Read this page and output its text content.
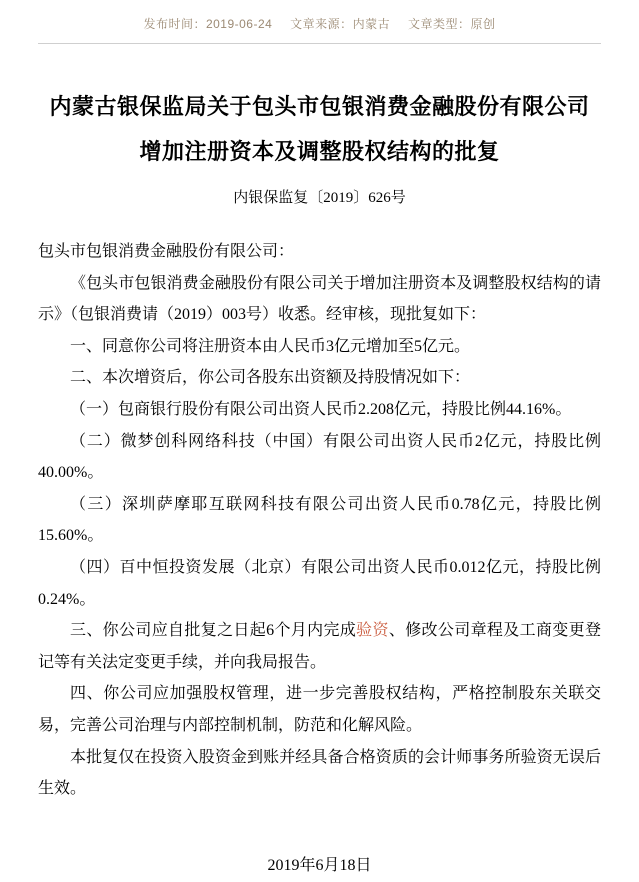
发布时间：2019-06-24 文章来源：内蒙古 文章类型：原创
内蒙古银保监局关于包头市包银消费金融股份有限公司
增加注册资本及调整股权结构的批复
内银保监复〔2019〕626号

包头市包银消费金融股份有限公司：

《包头市包银消费金融股份有限公司关于增加注册资本及调整股权结构的请示》（包银消费请（2019）003号）收悉。经审核，现批复如下：

一、同意你公司将注册资本由人民币3亿元增加至5亿元。

二、本次增资后，你公司各股东出资额及持股情况如下：

（一）包商银行股份有限公司出资人民币2.208亿元，持股比例44.16%。

（二）微梦创科网络科技（中国）有限公司出资人民币2亿元，持股比例40.00%。

（三）深圳萨摩耶互联网科技有限公司出资人民币0.78亿元，持股比例15.60%。

（四）百中恒投资发展（北京）有限公司出资人民币0.012亿元，持股比例0.24%。

三、你公司应自批复之日起6个月内完成验资、修改公司章程及工商变更登记等有关法定变更手续，并向我局报告。

四、你公司应加强股权管理，进一步完善股权结构，严格控制股东关联交易，完善公司治理与内部控制机制，防范和化解风险。

本批复仅在投资入股资金到账并经具备合格资质的会计师事务所验资无误后生效。

2019年6月18日
